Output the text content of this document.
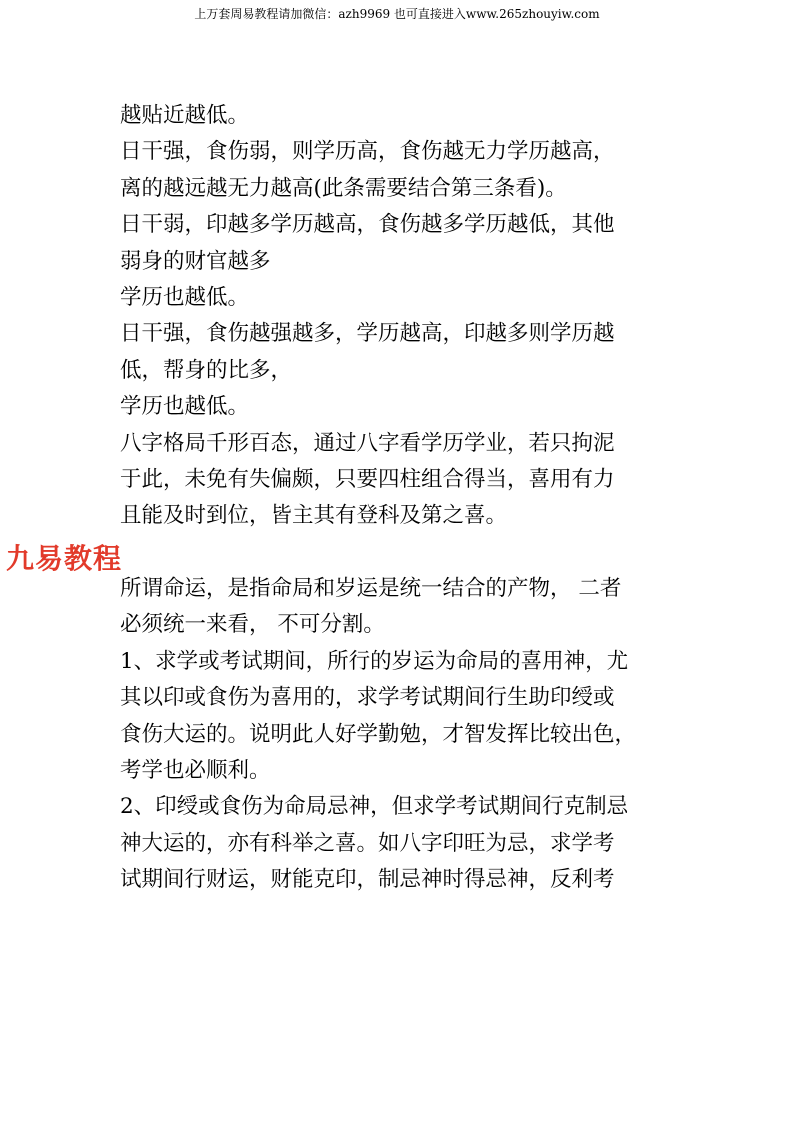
上万套周易教程请加微信：azh9969 也可直接进入www.265zhouyiw.com
越贴近越低。
日干强，食伤弱，则学历高，食伤越无力学历越高，
离的越远越无力越高(此条需要结合第三条看)。
日干弱，印越多学历越高，食伤越多学历越低，其他
弱身的财官越多
学历也越低。
日干强，食伤越强越多，学历越高，印越多则学历越
低，帮身的比多，
学历也越低。
八字格局千形百态，通过八字看学历学业，若只拘泥
于此，未免有失偏颇，只要四柱组合得当，喜用有力
且能及时到位，皆主其有登科及第之喜。
所谓命运，是指命局和岁运是统一结合的产物， 二者
必须统一来看， 不可分割。
1、求学或考试期间，所行的岁运为命局的喜用神，尤
其以印或食伤为喜用的，求学考试期间行生助印绶或
食伤大运的。说明此人好学勤勉，才智发挥比较出色，
考学也必顺利。
2、印绶或食伤为命局忌神，但求学考试期间行克制忌
神大运的，亦有科举之喜。如八字印旺为忌，求学考
试期间行财运，财能克印，制忌神时得忌神，反利考
九易教程
